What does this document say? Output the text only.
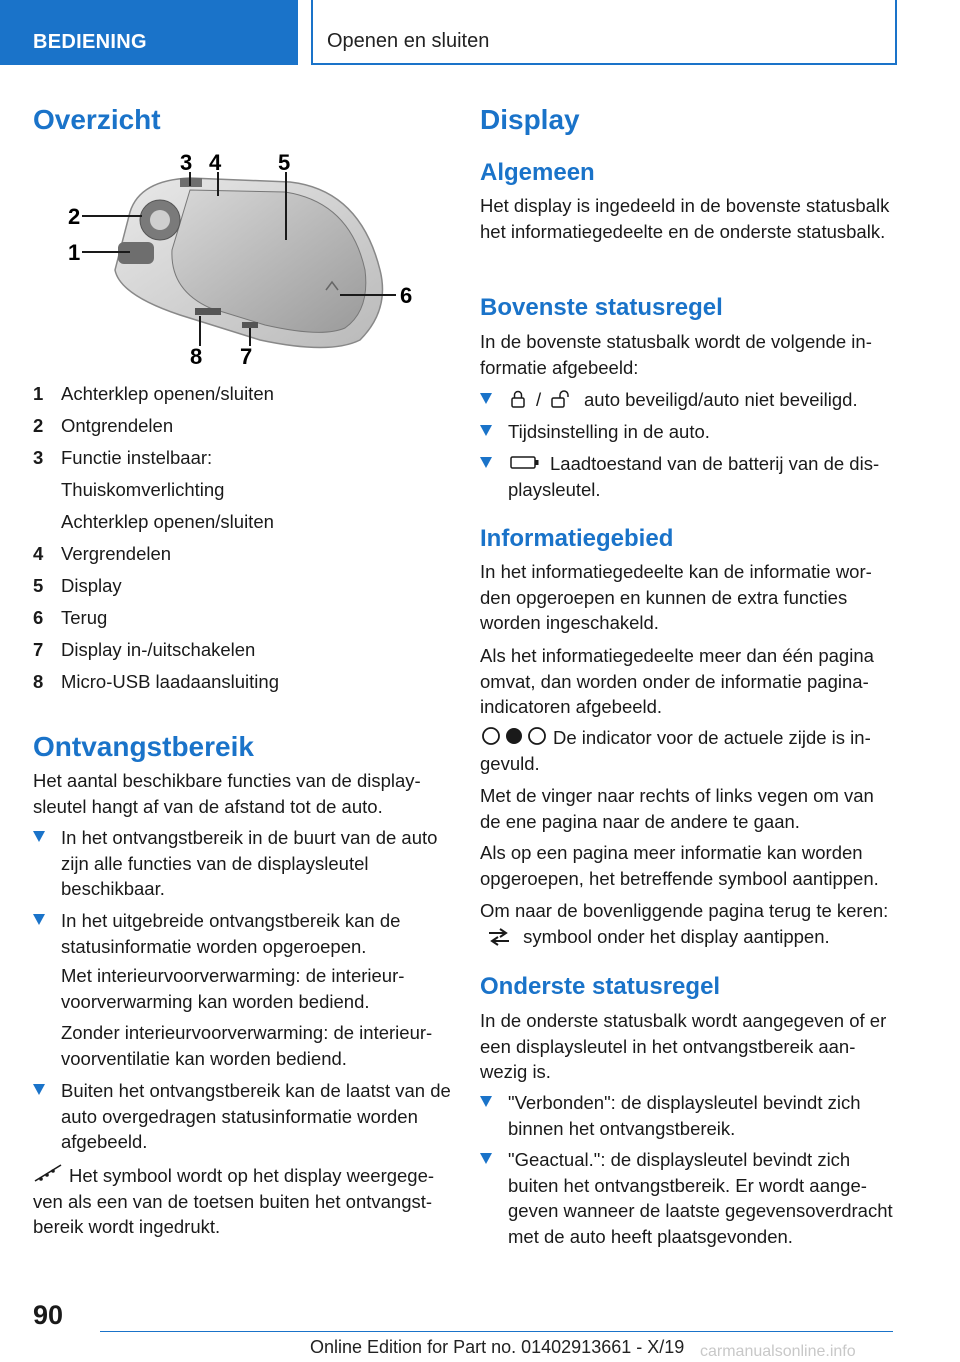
BEDIENING	Openen en sluiten
Overzicht
1
2
3 4	5
6
7
8
1 Achterklep openen/sluiten
2 Ontgrendelen
3 Functie instelbaar:
Thuiskomverlichting
Achterklep openen/sluiten
4 Vergrendelen
5 Display
6 Terug
7 Display in-/uitschakelen
8 Micro-USB laadaansluiting
Ontvangstbereik

Het aantal beschikbare functies van de displaysleutel hangt af van de afstand tot de auto.

In het ontvangstbereik in de buurt van de auto zijn alle functies van de displaysleutel beschikbaar.
In het uitgebreide ontvangstbereik kan de statusinformatie worden opgeroepen.

Met interieurvoorverwarming: de interieurvoorverwarming kan worden bediend.

Zonder interieurvoorverwarming: de interieurvoorventilatie kan worden bediend.

Buiten het ontvangstbereik kan de laatst van de auto overgedragen statusinformatie worden afgebeeld.

Het symbool wordt op het display weergegeven als een van de toetsen buiten het ontvangstbereik wordt ingedrukt.

Display
Algemeen

Het display is ingedeeld in de bovenste statusbalk het informatiegedeelte en de onderste statusbalk.

Bovenste statusregel

In de bovenste statusbalk wordt de volgende informatie afgebeeld:

/ auto beveiligd/auto niet beveiligd.
Tijdsinstelling in de auto.
Laadtoestand van de batterij van de displaysleutel.
Informatiegebied

In het informatiegedeelte kan de informatie worden opgeroepen en kunnen de extra functies worden ingeschakeld.

Als het informatiegedeelte meer dan één pagina omvat, dan worden onder de informatie paginaindicatoren afgebeeld.

De indicator voor de actuele zijde is ingevuld.

Met de vinger naar rechts of links vegen om van de ene pagina naar de andere te gaan.

Als op een pagina meer informatie kan worden opgeroepen, het betreffende symbool aantippen.

Om naar de bovenliggende pagina terug te keren:  symbool onder het display aantippen.

Onderste statusregel

In de onderste statusbalk wordt aangegeven of er een displaysleutel in het ontvangstbereik aanwezig is.

"Verbonden": de displaysleutel bevindt zich binnen het ontvangstbereik.
"Geactual.": de displaysleutel bevindt zich buiten het ontvangstbereik. Er wordt aangegeven wanneer de laatste gegevensoverdracht met de auto heeft plaatsgevonden.
90
Online Edition for Part no. 01402913661 - X/19 carmanualsonline.info
